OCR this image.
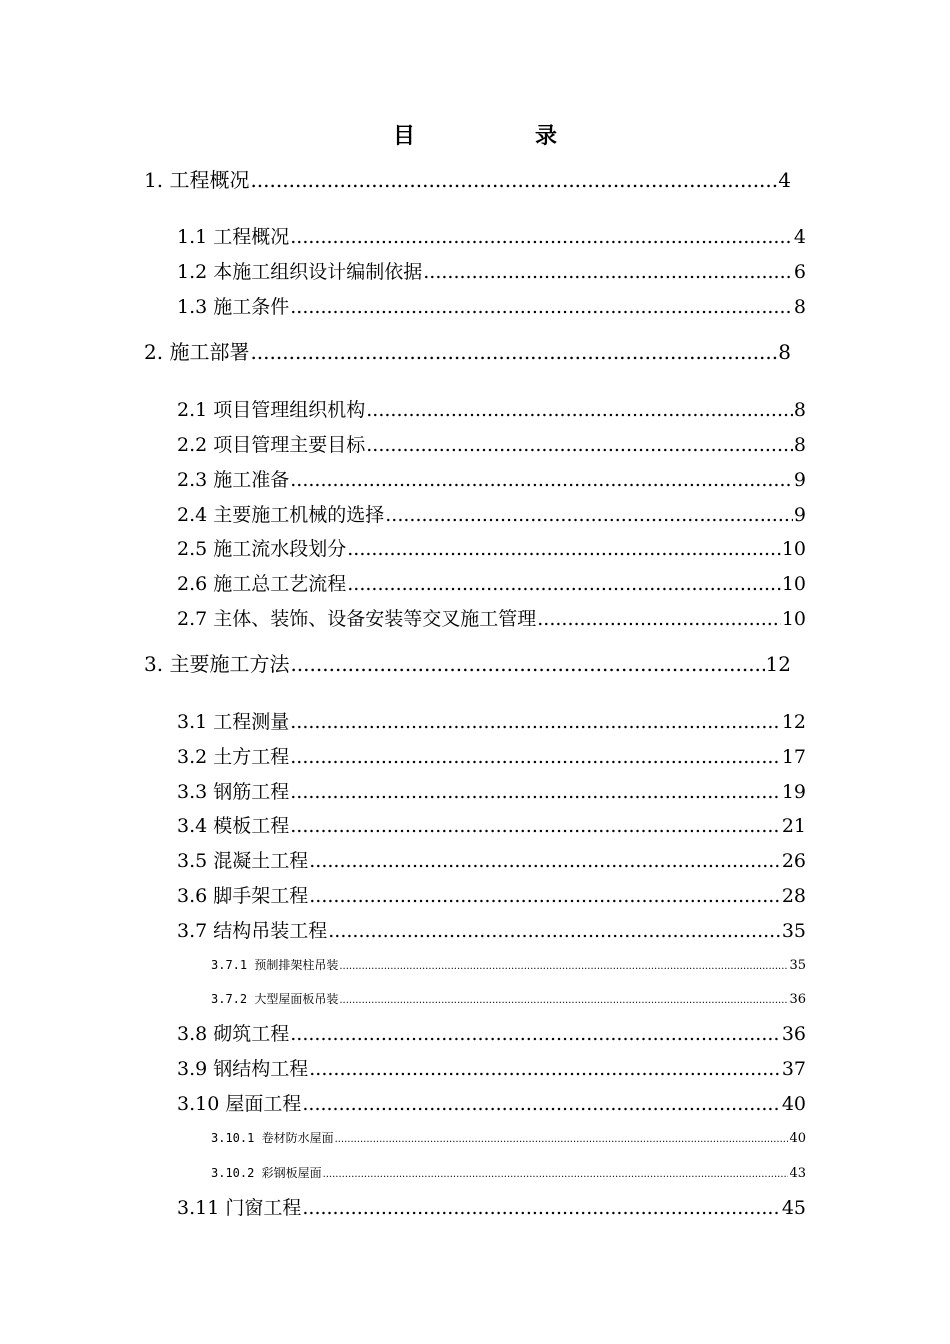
目	录
1. 工程概况 .....	4
1.1 工程概况 .....	4
1.2 本施工组织设计编制依据 .....	6
1.3 施工条件 .....	8
2. 施工部署 .....	8
2.1 项目管理组织机构 .....	8
2.2 项目管理主要目标 .....	8
2.3 施工准备 .....	9
2.4 主要施工机械的选择 .....	9
2.5 施工流水段划分 .....	10
2.6 施工总工艺流程 .....	10
2.7 主体、装饰、设备安装等交叉施工管理 .....	10
3. 主要施工方法 .....	12
3.1 工程测量 .....	12
3.2 土方工程 .....	17
3.3 钢筋工程 .....	19
3.4 模板工程 .....	21
3.5 混凝土工程 .....	26
3.6 脚手架工程 .....	28
3.7 结构吊装工程 .....	35
3.7.1 预制排架柱吊装 .....	35
3.7.2 大型屋面板吊装 .....	36
3.8 砌筑工程 .....	36
3.9 钢结构工程 .....	37
3.10 屋面工程 .....	40
3.10.1 卷材防水屋面 .....	40
3.10.2 彩钢板屋面 .....	43
3.11 门窗工程 .....	45
